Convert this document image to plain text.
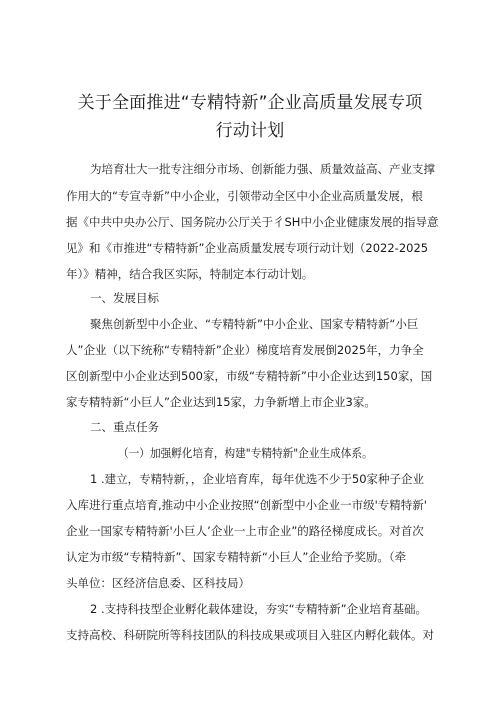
关于全面推进“专精特新”企业高质量发展专项
行动计划

为培育壮大一批专注细分市场、创新能力强、质量效益高、产业支撑

作用大的“专宣寺新”中小企业，引领带动全区中小企业高质量发展，根

据《中共中央办公厅、国务院办公厅关于彳SH中小企业健康发展的指导意

见》和《市推进“专精特新”企业高质量发展专项行动计划（2022-2025

年）》精神，结合我区实际，特制定本行动计划。

一、发展目标

聚焦创新型中小企业、“专精特新”中小企业、国家专精特新“小巨

人”企业（以下统称“专精特新”企业）梯度培育发展倒2025年，力争全

区创新型中小企业达到500家，市级“专精特新”中小企业达到150家，国

家专精特新“小巨人”企业达到15家，力争新增上市企业3家。

二、重点任务

（一）加强孵化培育，构建"专精特新"企业生成体系。

1 .建立，专精特新，，企业培育库，每年优选不少于50家种子企业

入库进行重点培育,推动中小企业按照“创新型中小企业一市级'专精特新'

企业一国家专精特新'小巨人’企业一上市企业”的路径梯度成长。对首次

认定为市级“专精特新”、国家专精特新“小巨人”企业给予奖励。（牵

头单位：区经济信息委、区科技局）

2 .支持科技型企业孵化载体建设，夯实“专精特新”企业培育基础。

支持高校、科研院所等科技团队的科技成果或项目入驻区内孵化载体。对
